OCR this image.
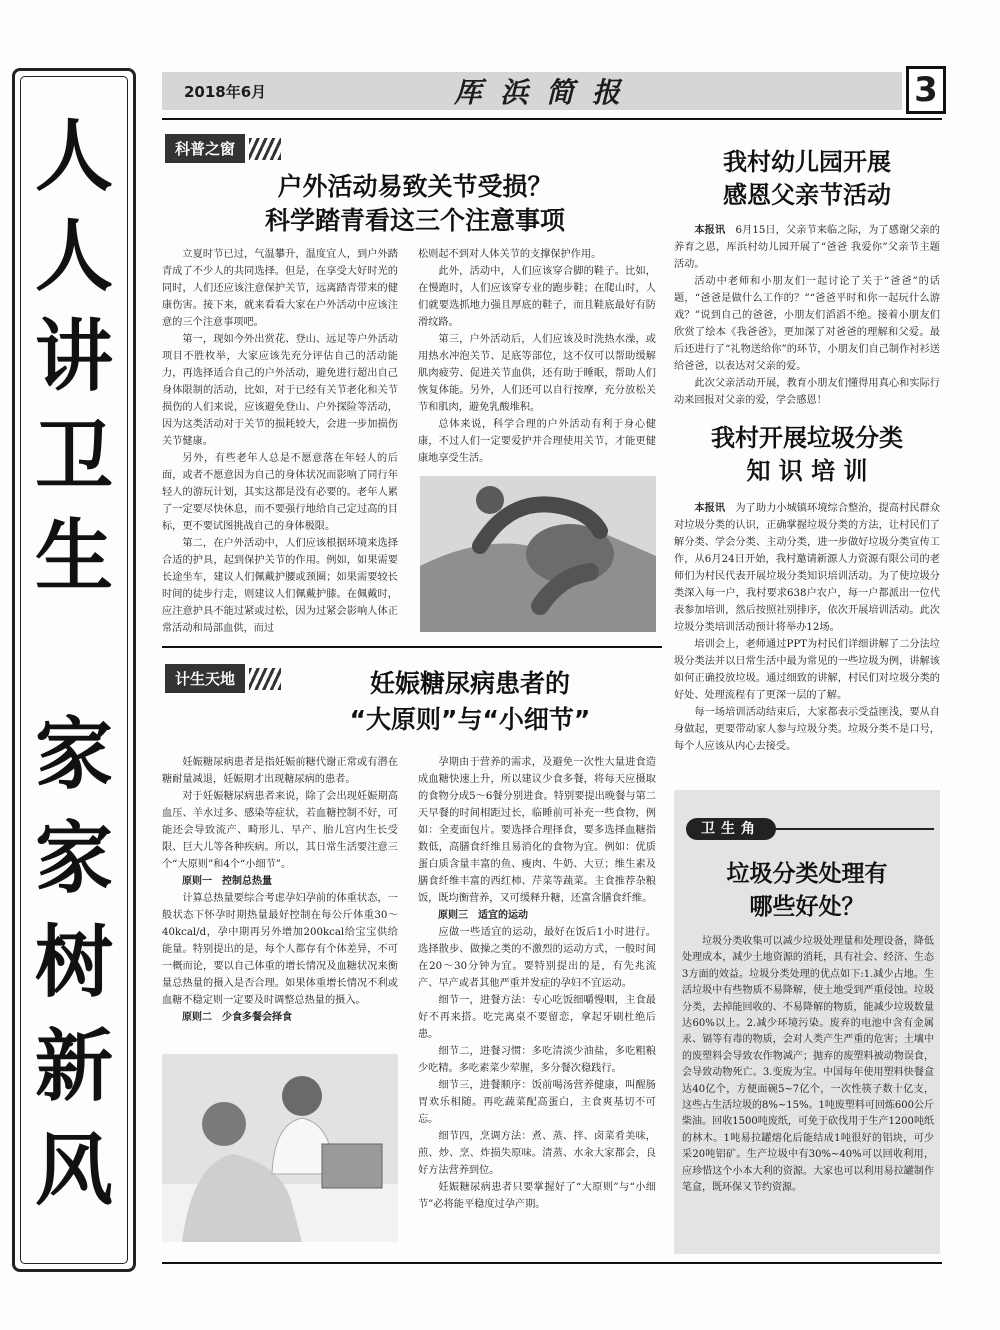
人
人
讲
卫
生
家
家
树
新
风
2018年6月	厍浜简报	3
科普之窗
户外活动易致关节受损？
科学踏青看这三个注意事项

立夏时节已过，气温攀升，温度宜人，到户外踏青成了不少人的共同选择。但是，在享受大好时光的同时，人们还应该注意保护关节，远离踏青带来的健康伤害。接下来，就来看看大家在户外活动中应该注意的三个注意事项吧。

第一，现如今外出赏花、登山、远足等户外活动项目不胜枚举，大家应该先充分评估自己的活动能力，再选择适合自己的户外活动，避免进行超出自己身体限制的活动，比如，对于已经有关节老化和关节损伤的人们来说，应该避免登山、户外探险等活动，因为这类活动对于关节的损耗较大，会进一步加损伤关节健康。

另外，有些老年人总是不愿意落在年轻人的后面，或者不愿意因为自己的身体状况而影响了同行年轻人的游玩计划，其实这都是没有必要的。老年人累了一定要尽快休息，而不要强行地给自己定过高的目标，更不要试图挑战自己的身体极限。

第二，在户外活动中，人们应该根据环境来选择合适的护具，起到保护关节的作用。例如，如果需要长途坐车，建议人们佩戴护腰或颈圈；如果需要较长时间的徒步行走，则建议人们佩戴护膝。在佩戴时，应注意护具不能过紧或过松，因为过紧会影响人体正常活动和局部血供，而过

松则起不到对人体关节的支撑保护作用。

此外，活动中，人们应该穿合脚的鞋子。比如，在慢跑时，人们应该穿专业的跑步鞋；在爬山时，人们就要选抓地力强且厚底的鞋子，而且鞋底最好有防滑纹路。

第三，户外活动后，人们应该及时洗热水澡，或用热水冲泡关节、足底等部位，这不仅可以帮助缓解肌肉疲劳、促进关节血供，还有助于睡眠，帮助人们恢复体能。另外，人们还可以自行按摩，充分放松关节和肌肉，避免乳酸堆积。

总体来说，科学合理的户外活动有利于身心健康，不过人们一定要爱护并合理使用关节，才能更健康地享受生活。

计生天地	妊娠糖尿病患者的
“大原则”与“小细节”

妊娠糖尿病患者是指妊娠前糖代谢正常或有潜在糖耐量减退，妊娠期才出现糖尿病的患者。

对于妊娠糖尿病患者来说，除了会出现妊娠期高血压、羊水过多、感染等症状，若血糖控制不好，可能还会导致流产、畸形儿、早产、胎儿宫内生长受限、巨大儿等各种疾病。所以，其日常生活要注意三个“大原则”和4个“小细节”。

原则一　控制总热量

计算总热量要综合考虑孕妇孕前的体重状态，一般状态下怀孕时期热量最好控制在每公斤体重30～40kcal/d，孕中期再另外增加200kcal给宝宝供给能量。特别提出的是，每个人都存有个体差异，不可一概而论，要以自己体重的增长情况及血糖状况来衡量总热量的摄入是否合理。如果体重增长情况不利或血糖不稳定则一定要及时调整总热量的摄入。

原则二　少食多餐会择食

孕期由于营养的需求，及避免一次性大量进食造成血糖快速上升，所以建议少食多餐，将每天应摄取的食物分成5～6餐分别进食。特别要提出晚餐与第二天早餐的时间相距过长，临睡前可补充一些食物，例如：全麦面包片。要选择合理择食，要多选择血糖指数低，高膳食纤维且易消化的食物为宜。例如：优质蛋白质含量丰富的鱼、瘦肉、牛奶、大豆；维生素及膳食纤维丰富的西红柿、芹菜等蔬菜。主食推荐杂粮饭，既均衡营养，又可缓释升糖，还富含膳食纤维。

原则三　适宜的运动

应做一些适宜的运动，最好在饭后1小时进行。选择散步、做操之类的不激烈的运动方式，一般时间在20～30分钟为宜。要特别提出的是，有先兆流产、早产或者其他严重并发症的孕妇不宜运动。

细节一，进餐方法：专心吃饭细嚼慢咽，主食最好不再来搭。吃完离桌不要留恋，拿起牙刷杜绝后患。

细节二，进餐习惯：多吃清淡少油盐，多吃粗粮少吃精。多吃素菜少荤腥，多分餐次稳践行。

细节三，进餐顺序：饭前喝汤营养健康，叫醒肠胃欢乐相随。再吃蔬菜配高蛋白，主食爽基切不可忘。

细节四，烹调方法：煮、蒸、拌、卤菜肴美味，煎、炒、烹、炸损失原味。清蒸、水汆大家都会，良好方法营养到位。

妊娠糖尿病患者只要掌握好了“大原则”与“小细节”必将能平稳度过孕产期。

我村幼儿园开展
感恩父亲节活动

本报讯　 6月15日，父亲节来临之际，为了感谢父亲的养育之恩，厍浜村幼儿园开展了“爸爸 我爱你”父亲节主题活动。

活动中老师和小朋友们一起讨论了关于“爸爸”的话题，“爸爸是做什么工作的？”“爸爸平时和你一起玩什么游戏？”说到自己的爸爸，小朋友们滔滔不绝。接着小朋友们欣赏了绘本《我爸爸》，更加深了对爸爸的理解和父爱。最后还进行了“礼物送给你”的环节，小朋友们自己制作衬衫送给爸爸，以表达对父亲的爱。

此次父亲活动开展，教育小朋友们懂得用真心和实际行动来回报对父亲的爱，学会感恩！

我村开展垃圾分类
知 识 培 训

本报讯　 为了助力小城镇环境综合整治，提高村民群众对垃圾分类的认识，正确掌握垃圾分类的方法，让村民们了解分类、学会分类、主动分类，进一步做好垃圾分类宣传工作，从6月24日开始，我村邀请新源人力资源有限公司的老师们为村民代表开展垃圾分类知识培训活动。为了使垃圾分类深入每一户，我村要求638户农户，每一户都派出一位代表参加培训，然后按照社别排序，依次开展培训活动。此次垃圾分类培训活动预计将举办12场。

培训会上，老师通过PPT为村民们详细讲解了二分法垃圾分类法并以日常生活中最为常见的一些垃圾为例，讲解该如何正确投放垃圾。通过细致的讲解，村民们对垃圾分类的好处、处理流程有了更深一层的了解。

每一场培训活动结束后，大家都表示受益匪浅，要从自身做起，更要带动家人参与垃圾分类。垃圾分类不是口号，每个人应该从内心去接受。

卫生角
垃圾分类处理有
哪些好处？

垃圾分类收集可以减少垃圾处理量和处理设备，降低处理成本，减少土地资源的消耗，具有社会、经济、生态3方面的效益。垃圾分类处理的优点如下:1.减少占地。生活垃圾中有些物质不易降解，使土地受到严重侵蚀。垃圾分类，去掉能回收的、不易降解的物质，能减少垃圾数量达60%以上。2.减少环境污染。废弃的电池中含有金属汞、镉等有毒的物质，会对人类产生严重的危害；土壤中的废塑料会导致农作物减产；抛弃的废塑料被动物误食，会导致动物死亡。3.变废为宝。中国每年使用塑料快餐盒达40亿个，方便面碗5~7亿个，一次性筷子数十亿支，这些占生活垃圾的8%~15%。1吨废塑料可回炼600公斤柴油。回收1500吨废纸，可免于砍伐用于生产1200吨纸的林木。1吨易拉罐熔化后能结成1吨很好的铝块，可少采20吨铝矿。生产垃圾中有30%~40%可以回收利用，应珍惜这个小本大利的资源。大家也可以利用易拉罐制作笔盒，既环保又节约资源。
